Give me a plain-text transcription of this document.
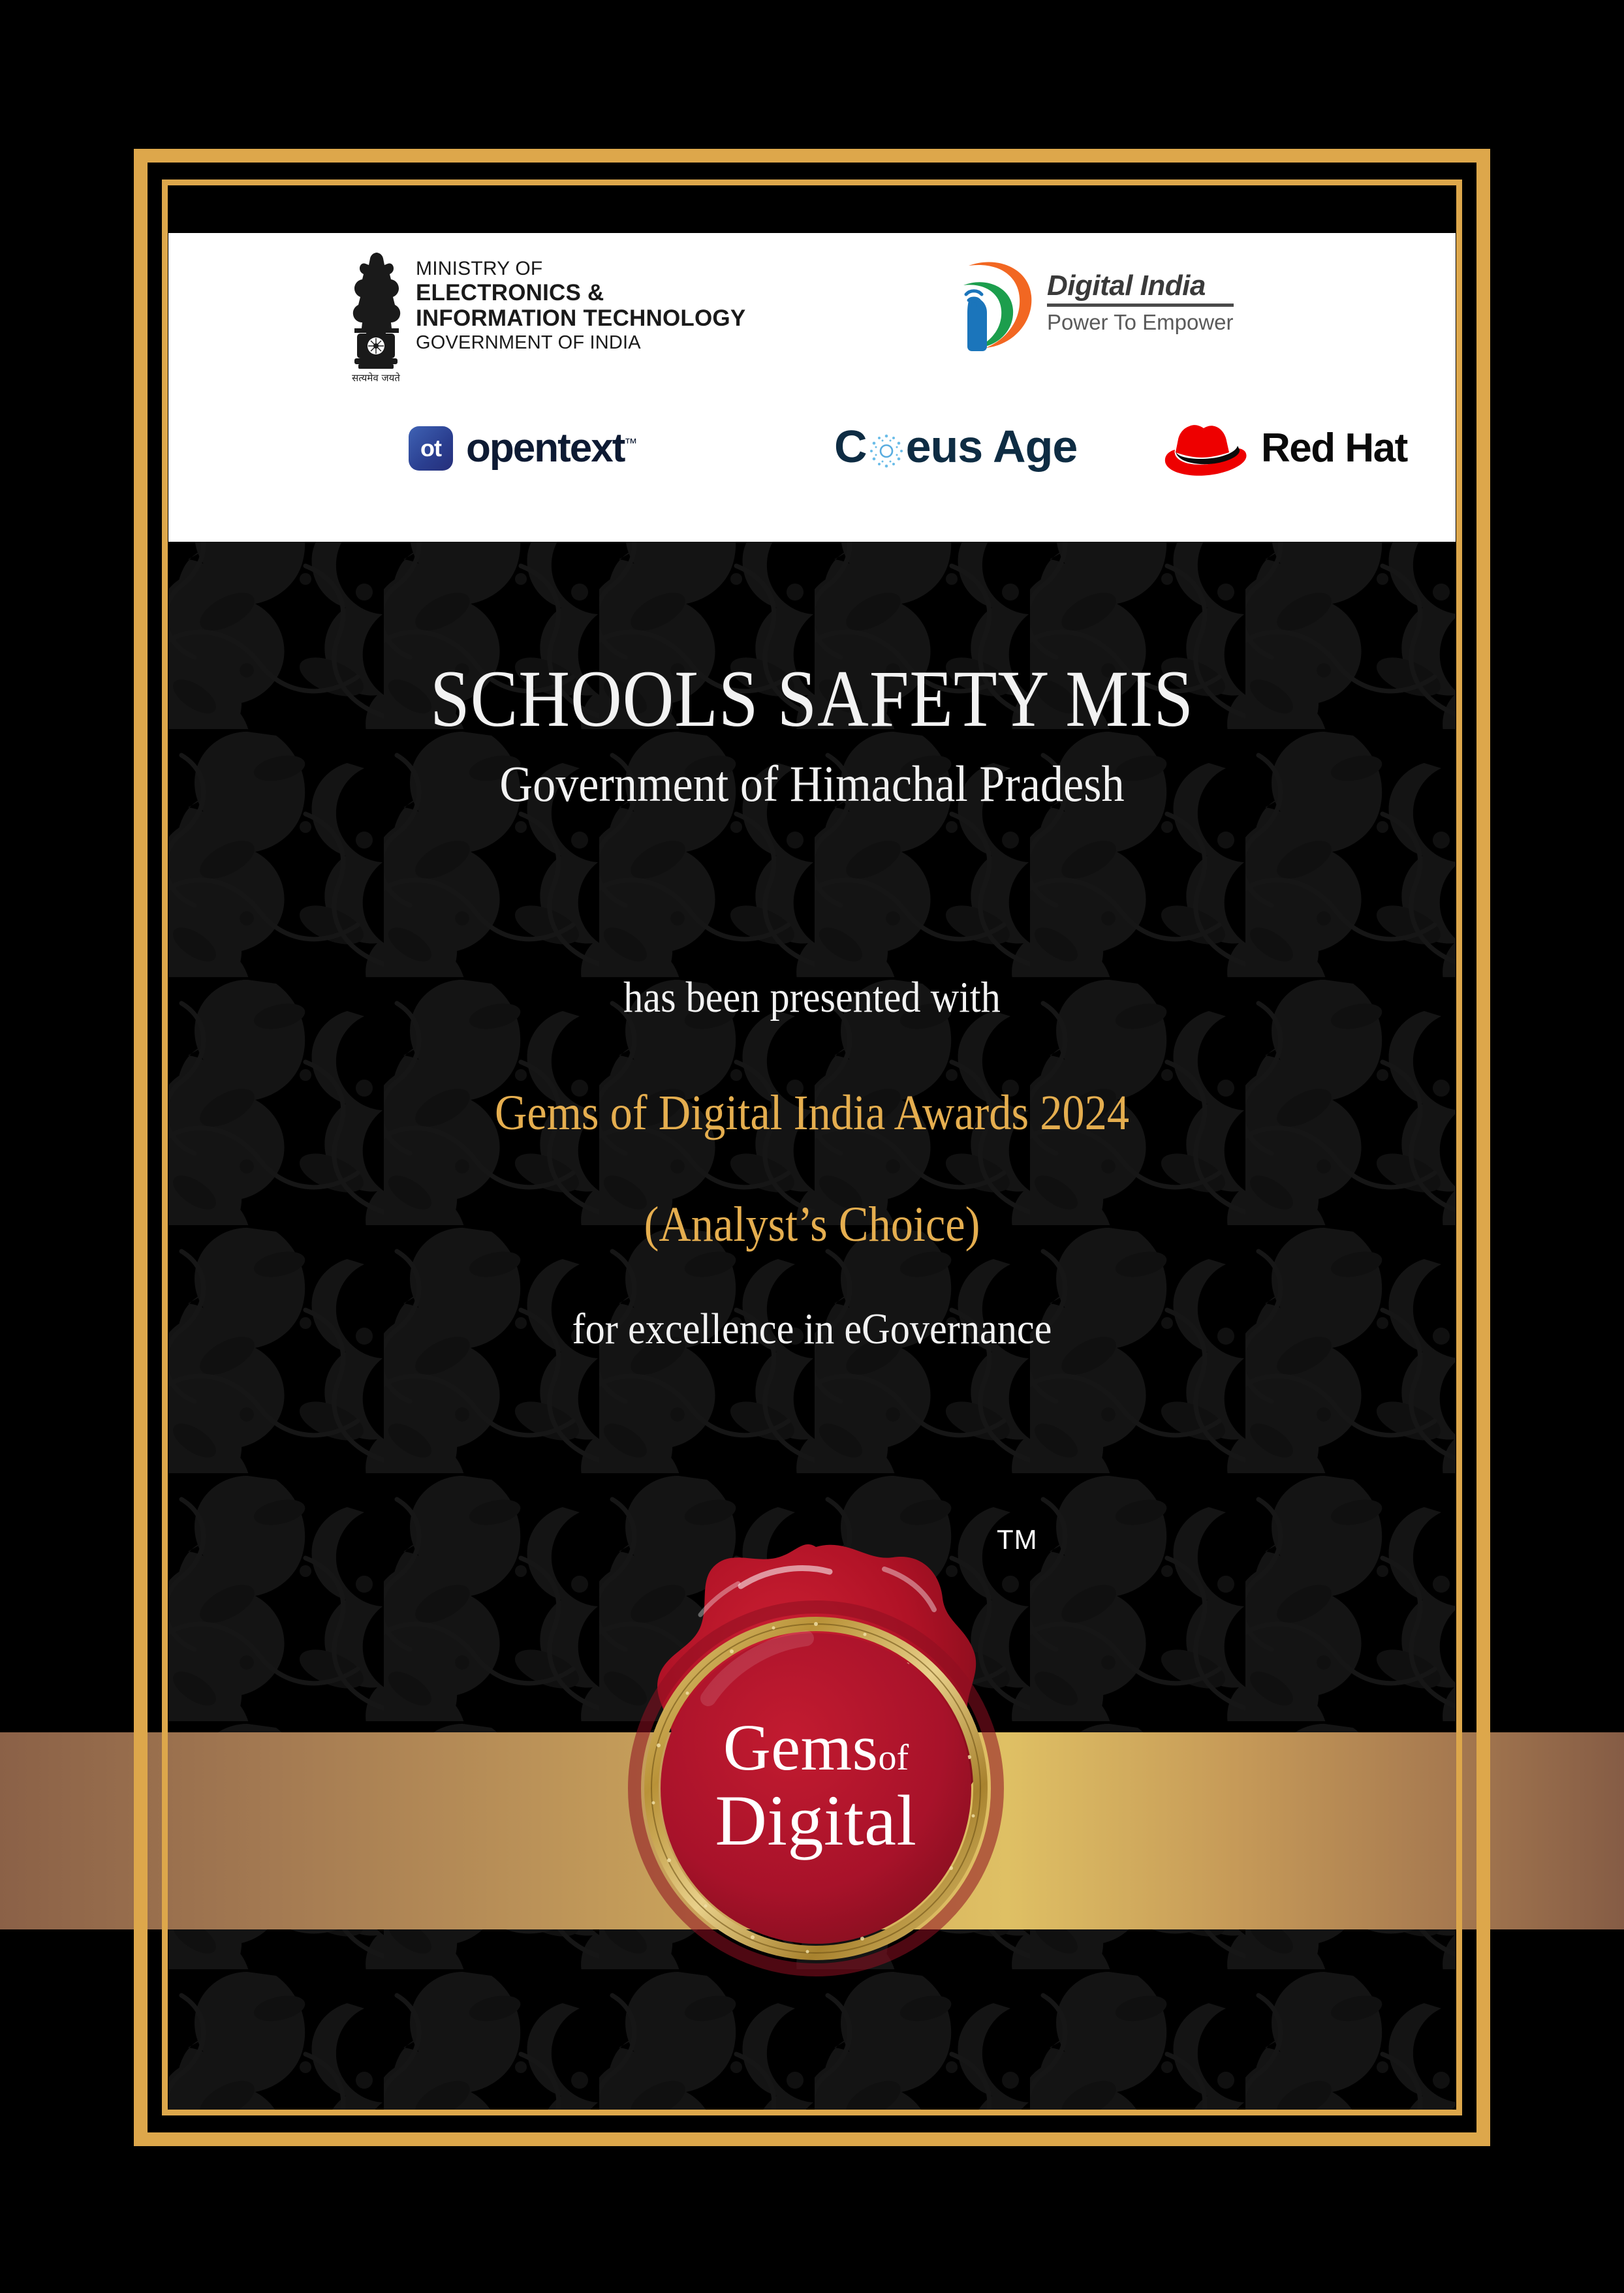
सत्यमेव जयते
MINISTRY OF
ELECTRONICS &
INFORMATION TECHNOLOGY
GOVERNMENT OF INDIA
Digital India
Power To Empower
ot opentext™	C eus Age	Red Hat
SCHOOLS SAFETY MIS
Government of Himachal Pradesh
has been presented with
Gems of Digital India Awards 2024
(Analyst’s Choice)
for excellence in eGovernance
TM
Gemsof
Digital
